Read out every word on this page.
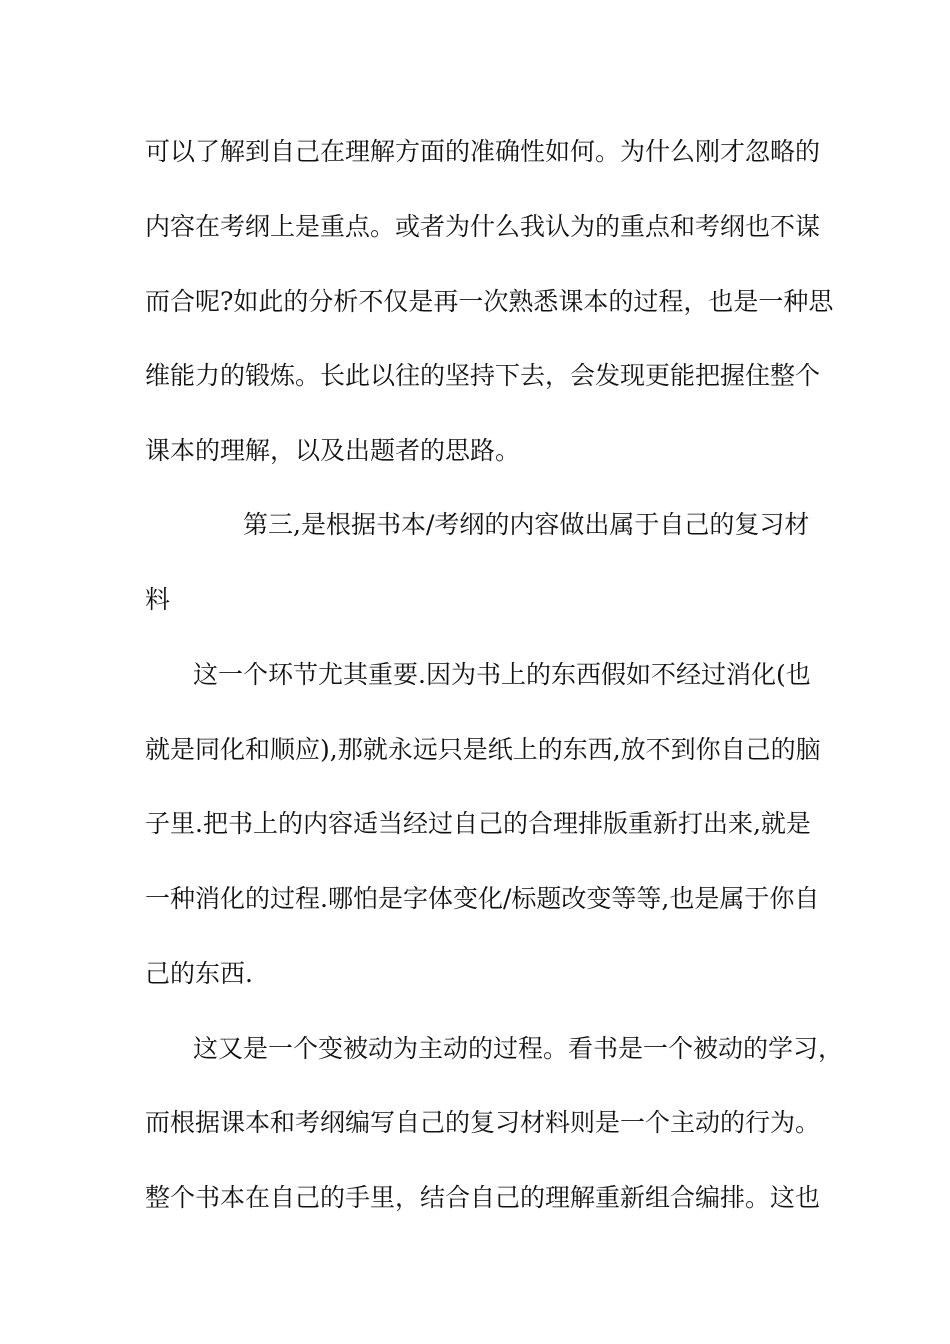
可以了解到自己在理解方面的准确性如何。为什么刚才忽略的
内容在考纲上是重点。或者为什么我认为的重点和考纲也不谋
而合呢?如此的分析不仅是再一次熟悉课本的过程，也是一种思
维能力的锻炼。长此以往的坚持下去，会发现更能把握住整个
课本的理解，以及出题者的思路。
第三,是根据书本/考纲的内容做出属于自己的复习材
料
这一个环节尤其重要.因为书上的东西假如不经过消化(也
就是同化和顺应),那就永远只是纸上的东西,放不到你自己的脑
子里.把书上的内容适当经过自己的合理排版重新打出来,就是
一种消化的过程.哪怕是字体变化/标题改变等等,也是属于你自
己的东西.
这又是一个变被动为主动的过程。看书是一个被动的学习，
而根据课本和考纲编写自己的复习材料则是一个主动的行为。
整个书本在自己的手里，结合自己的理解重新组合编排。这也
